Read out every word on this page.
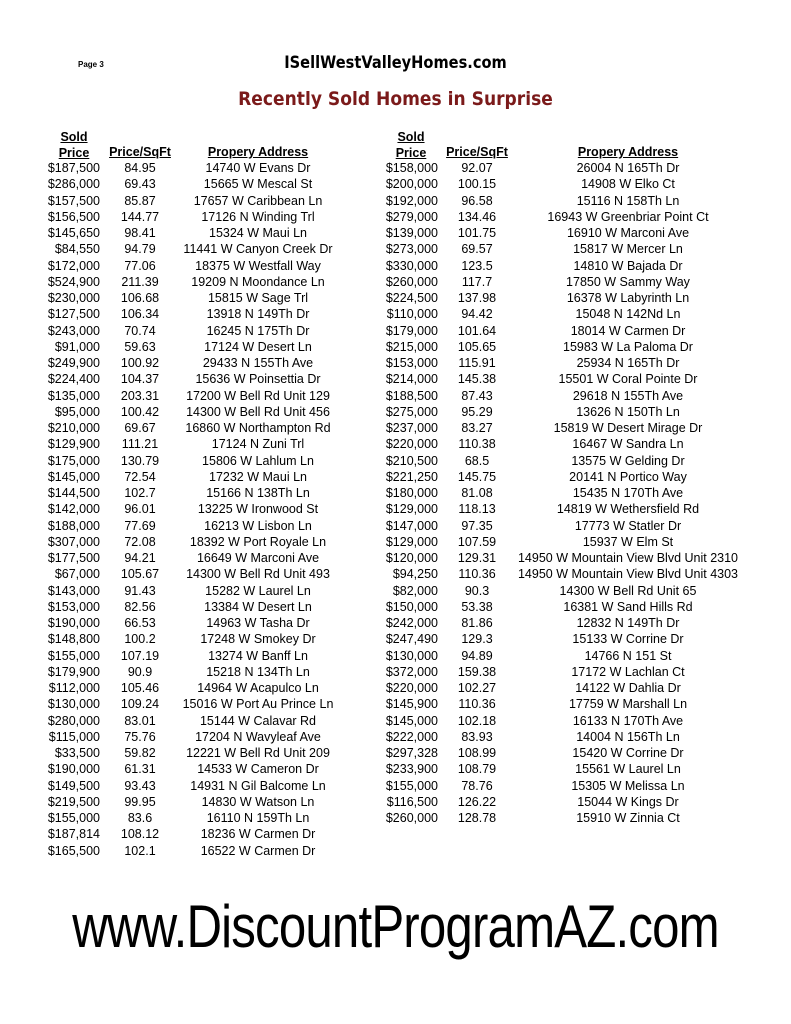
Page 3	ISellWestValleyHomes.com
Recently Sold Homes in Surprise
Sold
Price	Price/SqFt	Propery Address
Sold
Price	Price/SqFt	Propery Address
$187,500	84.95	14740 W Evans Dr
$286,000	69.43	15665 W Mescal St
$157,500	85.87	17657 W Caribbean Ln
$156,500	144.77	17126 N Winding Trl
$145,650	98.41	15324 W Maui Ln
$84,550	94.79	11441 W Canyon Creek Dr
$172,000	77.06	18375 W Westfall Way
$524,900	211.39	19209 N Moondance Ln
$230,000	106.68	15815 W Sage Trl
$127,500	106.34	13918 N 149Th Dr
$243,000	70.74	16245 N 175Th Dr
$91,000	59.63	17124 W Desert Ln
$249,900	100.92	29433 N 155Th Ave
$224,400	104.37	15636 W Poinsettia Dr
$135,000	203.31	17200 W Bell Rd Unit 129
$95,000	100.42	14300 W Bell Rd Unit 456
$210,000	69.67	16860 W Northampton Rd
$129,900	111.21	17124 N Zuni Trl
$175,000	130.79	15806 W Lahlum Ln
$145,000	72.54	17232 W Maui Ln
$144,500	102.7	15166 N 138Th Ln
$142,000	96.01	13225 W Ironwood St
$188,000	77.69	16213 W Lisbon Ln
$307,000	72.08	18392 W Port Royale Ln
$177,500	94.21	16649 W Marconi Ave
$67,000	105.67	14300 W Bell Rd Unit 493
$143,000	91.43	15282 W Laurel Ln
$153,000	82.56	13384 W Desert Ln
$190,000	66.53	14963 W Tasha Dr
$148,800	100.2	17248 W Smokey Dr
$155,000	107.19	13274 W Banff Ln
$179,900	90.9	15218 N 134Th Ln
$112,000	105.46	14964 W Acapulco Ln
$130,000	109.24	15016 W Port Au Prince Ln
$280,000	83.01	15144 W Calavar Rd
$115,000	75.76	17204 N Wavyleaf Ave
$33,500	59.82	12221 W Bell Rd Unit 209
$190,000	61.31	14533 W Cameron Dr
$149,500	93.43	14931 N Gil Balcome Ln
$219,500	99.95	14830 W Watson Ln
$155,000	83.6	16110 N 159Th Ln
$187,814	108.12	18236 W Carmen Dr
$165,500	102.1	16522 W Carmen Dr
$158,000	92.07	26004 N 165Th Dr
$200,000	100.15	14908 W Elko Ct
$192,000	96.58	15116 N 158Th Ln
$279,000	134.46	16943 W Greenbriar Point Ct
$139,000	101.75	16910 W Marconi Ave
$273,000	69.57	15817 W Mercer Ln
$330,000	123.5	14810 W Bajada Dr
$260,000	117.7	17850 W Sammy Way
$224,500	137.98	16378 W Labyrinth Ln
$110,000	94.42	15048 N 142Nd Ln
$179,000	101.64	18014 W Carmen Dr
$215,000	105.65	15983 W La Paloma Dr
$153,000	115.91	25934 N 165Th Dr
$214,000	145.38	15501 W Coral Pointe Dr
$188,500	87.43	29618 N 155Th Ave
$275,000	95.29	13626 N 150Th Ln
$237,000	83.27	15819 W Desert Mirage Dr
$220,000	110.38	16467 W Sandra Ln
$210,500	68.5	13575 W Gelding Dr
$221,250	145.75	20141 N Portico Way
$180,000	81.08	15435 N 170Th Ave
$129,000	118.13	14819 W Wethersfield Rd
$147,000	97.35	17773 W Statler Dr
$129,000	107.59	15937 W Elm St
$120,000	129.31	14950 W Mountain View Blvd Unit 2310
$94,250	110.36	14950 W Mountain View Blvd Unit 4303
$82,000	90.3	14300 W Bell Rd Unit 65
$150,000	53.38	16381 W Sand Hills Rd
$242,000	81.86	12832 N 149Th Dr
$247,490	129.3	15133 W Corrine Dr
$130,000	94.89	14766 N 151 St
$372,000	159.38	17172 W Lachlan Ct
$220,000	102.27	14122 W Dahlia Dr
$145,900	110.36	17759 W Marshall Ln
$145,000	102.18	16133 N 170Th Ave
$222,000	83.93	14004 N 156Th Ln
$297,328	108.99	15420 W Corrine Dr
$233,900	108.79	15561 W Laurel Ln
$155,000	78.76	15305 W Melissa Ln
$116,500	126.22	15044 W Kings Dr
$260,000	128.78	15910 W Zinnia Ct
www.DiscountProgramAZ.com
